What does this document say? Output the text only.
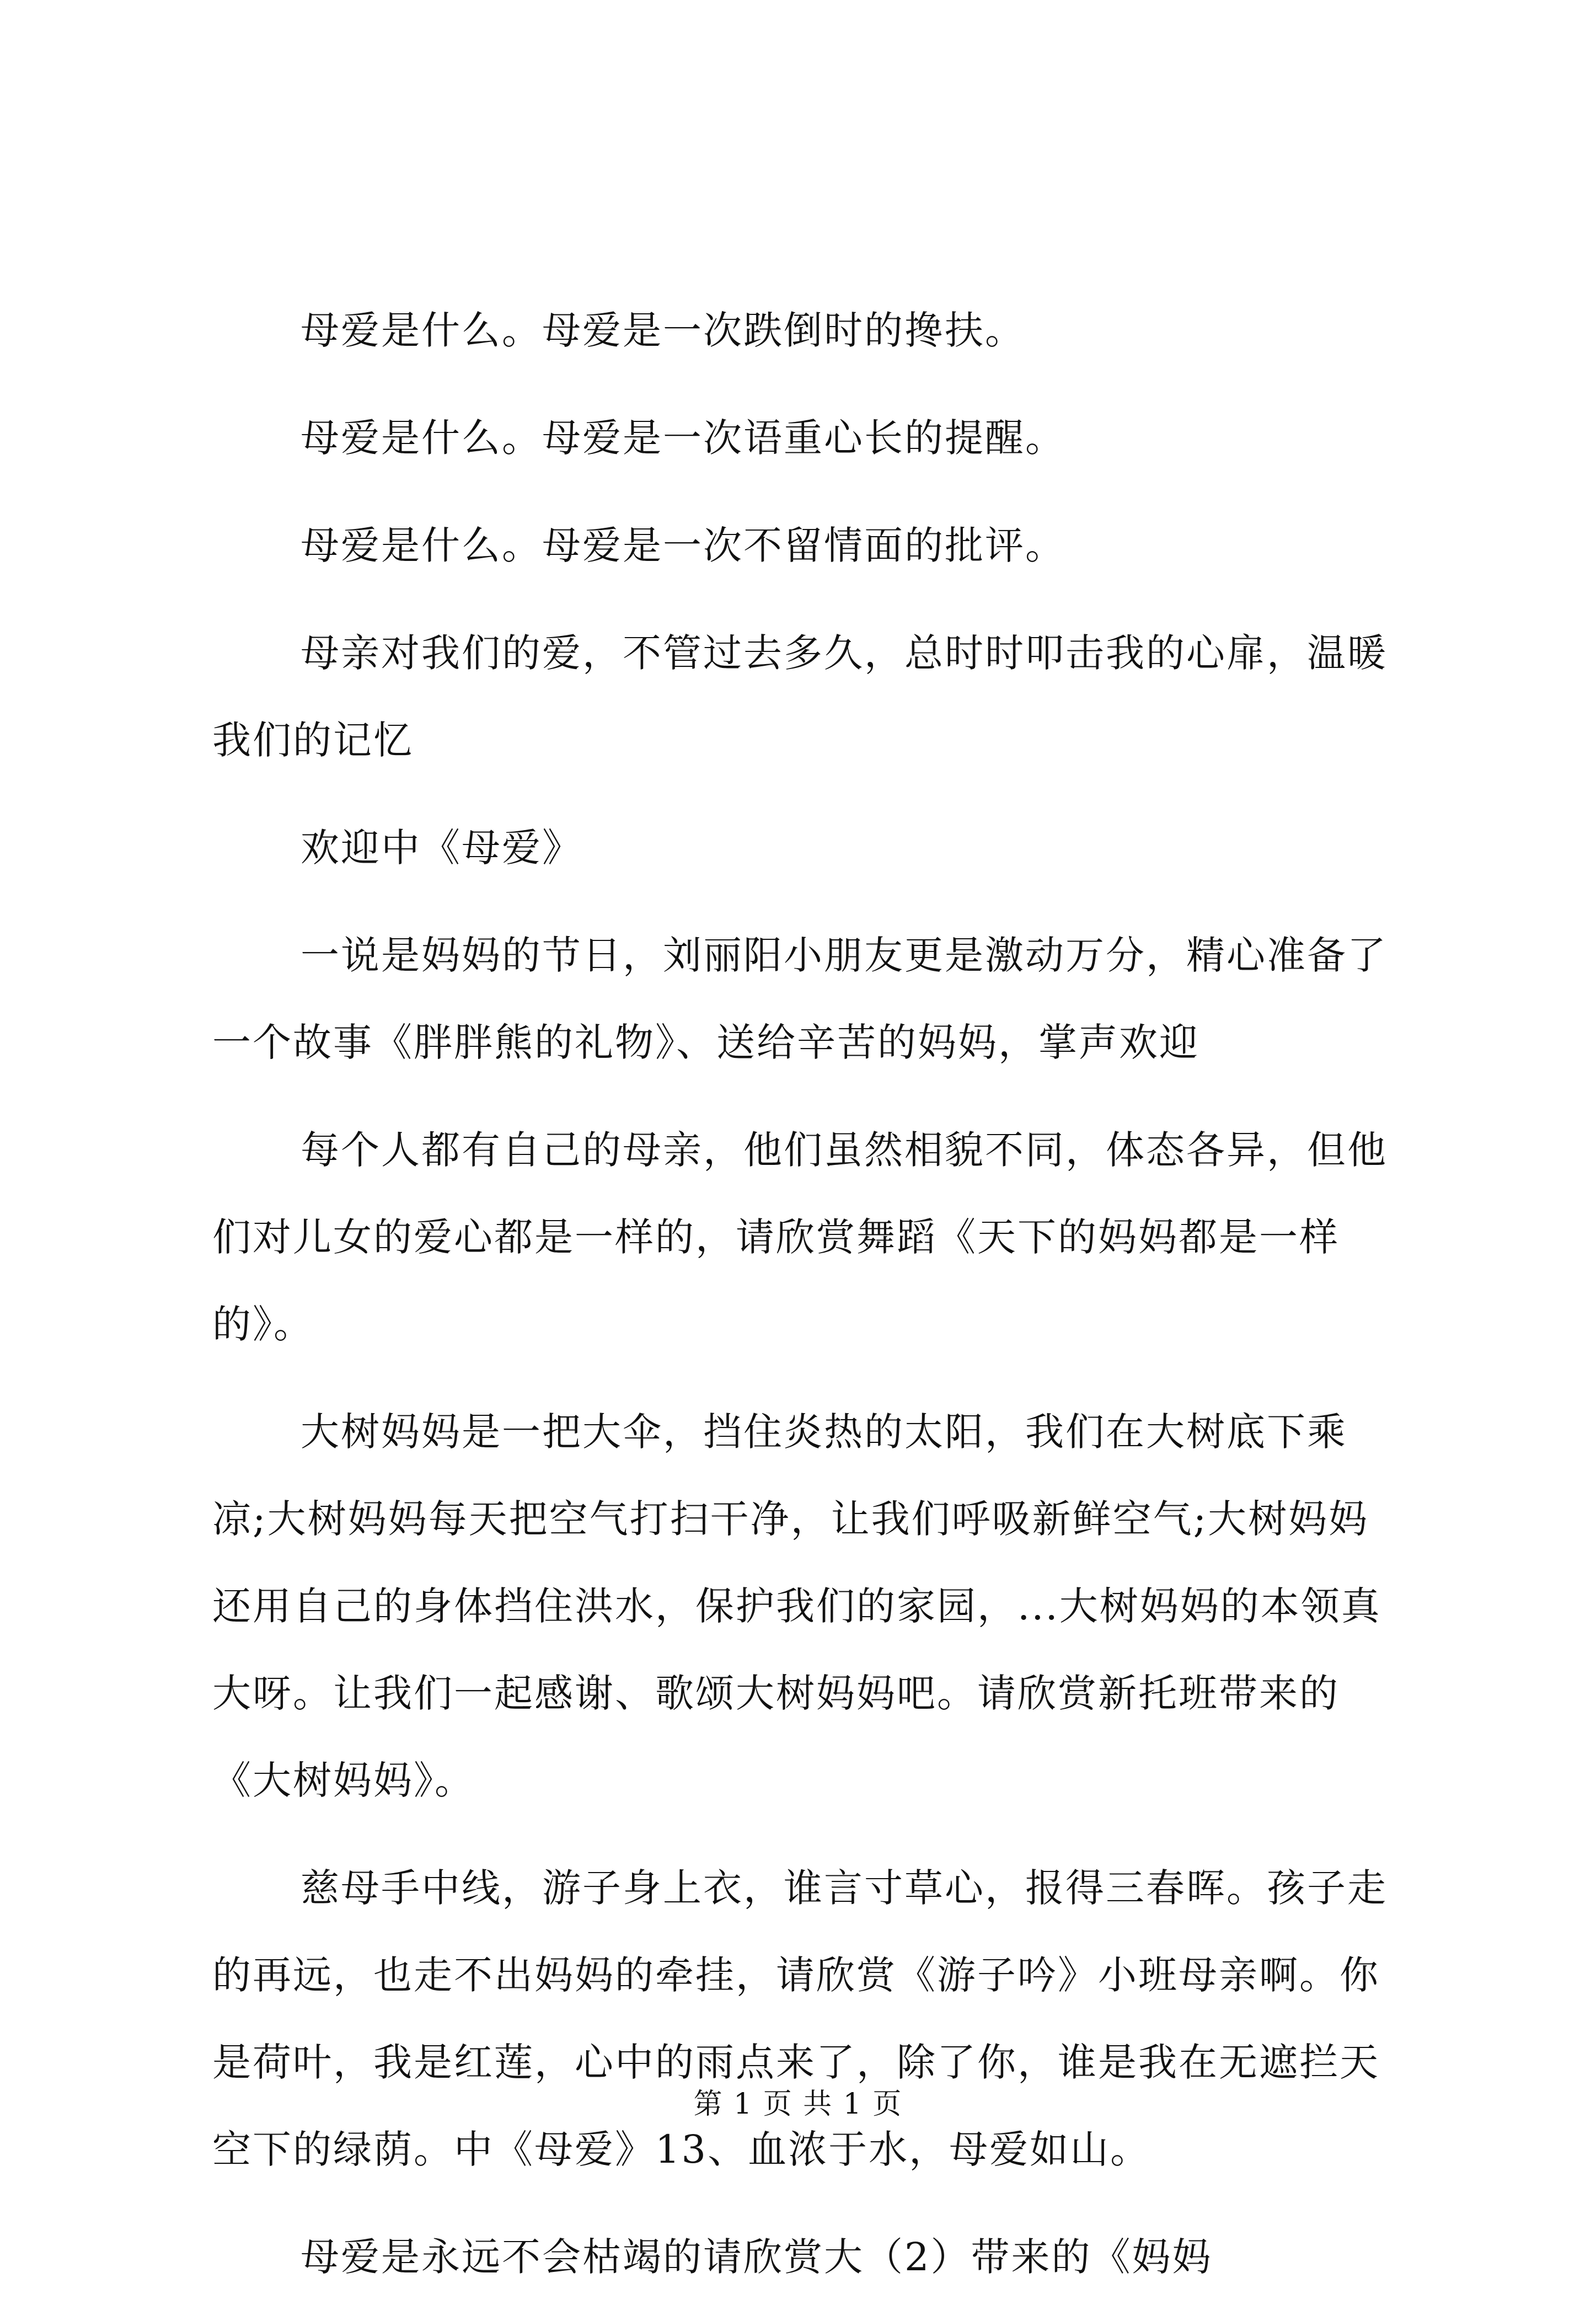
母爱是什么。母爱是一次跌倒时的搀扶。

母爱是什么。母爱是一次语重心长的提醒。

母爱是什么。母爱是一次不留情面的批评。

母亲对我们的爱，不管过去多久，总时时叩击我的心扉，温暖我们的记忆

欢迎中《母爱》

一说是妈妈的节日，刘丽阳小朋友更是激动万分，精心准备了一个故事《胖胖熊的礼物》、送给辛苦的妈妈，掌声欢迎

每个人都有自己的母亲，他们虽然相貌不同，体态各异，但他们对儿女的爱心都是一样的，请欣赏舞蹈《天下的妈妈都是一样的》。

大树妈妈是一把大伞，挡住炎热的太阳，我们在大树底下乘凉;大树妈妈每天把空气打扫干净，让我们呼吸新鲜空气;大树妈妈还用自己的身体挡住洪水，保护我们的家园，...大树妈妈的本领真大呀。让我们一起感谢、歌颂大树妈妈吧。请欣赏新托班带来的《大树妈妈》。

慈母手中线，游子身上衣，谁言寸草心，报得三春晖。孩子走的再远，也走不出妈妈的牵挂，请欣赏《游子吟》小班母亲啊。你是荷叶，我是红莲，心中的雨点来了，除了你，谁是我在无遮拦天空下的绿荫。中《母爱》13、血浓于水，母爱如山。

母爱是永远不会枯竭的请欣赏大（2）带来的《妈妈

第 1 页 共 1 页
